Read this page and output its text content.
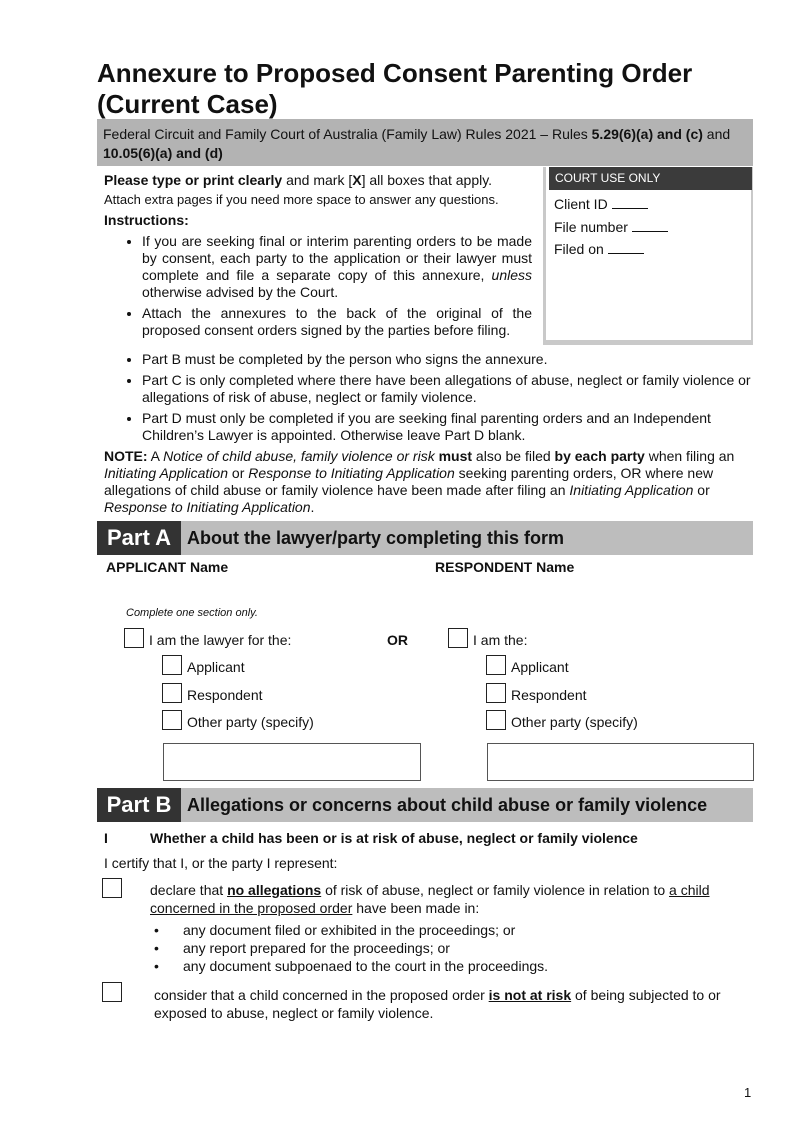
Annexure to Proposed Consent Parenting Order (Current Case)
Federal Circuit and Family Court of Australia (Family Law) Rules 2021 – Rules 5.29(6)(a) and (c) and 10.05(6)(a) and (d)
COURT USE ONLY
Client ID
File number
Filed on
Please type or print clearly and mark [X] all boxes that apply.
Attach extra pages if you need more space to answer any questions.
Instructions:
• If you are seeking final or interim parenting orders to be made by consent, each party to the application or their lawyer must complete and file a separate copy of this annexure, unless otherwise advised by the Court.
• Attach the annexures to the back of the original of the proposed consent orders signed by the parties before filing.
• Part B must be completed by the person who signs the annexure.
• Part C is only completed where there have been allegations of abuse, neglect or family violence or allegations of risk of abuse, neglect or family violence.
• Part D must only be completed if you are seeking final parenting orders and an Independent Children’s Lawyer is appointed. Otherwise leave Part D blank.
NOTE: A Notice of child abuse, family violence or risk must also be filed by each party when filing an Initiating Application or Response to Initiating Application seeking parenting orders, OR where new allegations of child abuse or family violence have been made after filing an Initiating Application or Response to Initiating Application.
Part A About the lawyer/party completing this form
APPLICANT Name	RESPONDENT Name
Complete one section only.
I am the lawyer for the:	OR
Applicant
Respondent
Other party (specify)
I am the:
Applicant
Respondent
Other party (specify)
Part B Allegations or concerns about child abuse or family violence
I	Whether a child has been or is at risk of abuse, neglect or family violence
I certify that I, or the party I represent:
declare that no allegations of risk of abuse, neglect or family violence in relation to a child concerned in the proposed order have been made in:
• any document filed or exhibited in the proceedings; or
• any report prepared for the proceedings; or
• any document subpoenaed to the court in the proceedings.
consider that a child concerned in the proposed order is not at risk of being subjected to or exposed to abuse, neglect or family violence.
1
